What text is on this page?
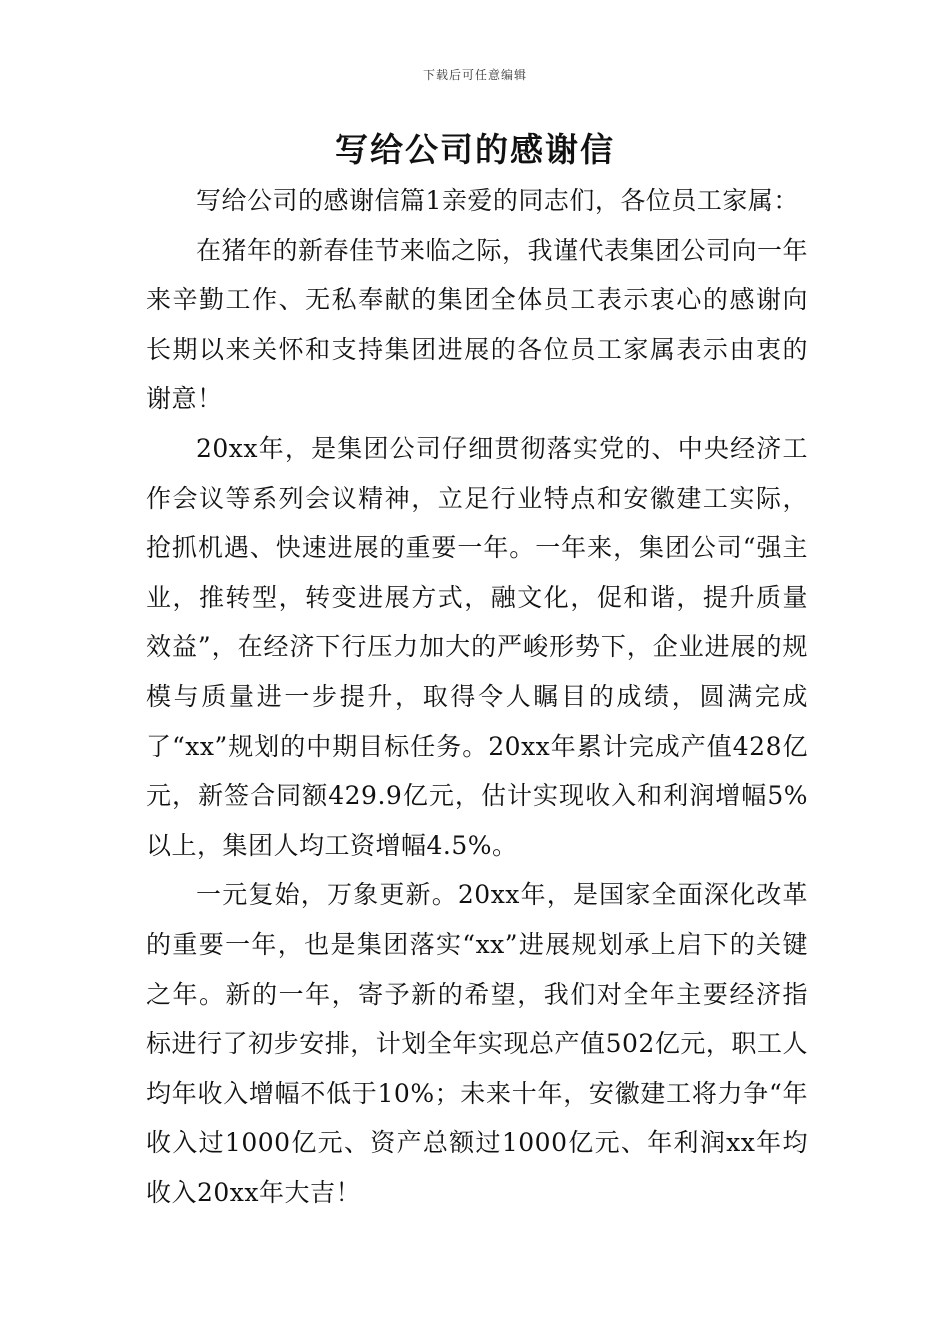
下载后可任意编辑
写给公司的感谢信

写给公司的感谢信篇1亲爱的同志们，各位员工家属：

在猪年的新春佳节来临之际，我谨代表集团公司向一年来辛勤工作、无私奉献的集团全体员工表示衷心的感谢向长期以来关怀和支持集团进展的各位员工家属表示由衷的谢意！

20xx年，是集团公司仔细贯彻落实党的、中央经济工作会议等系列会议精神，立足行业特点和安徽建工实际，抢抓机遇、快速进展的重要一年。一年来，集团公司“强主业，推转型，转变进展方式，融文化，促和谐，提升质量效益”，在经济下行压力加大的严峻形势下，企业进展的规模与质量进一步提升，取得令人瞩目的成绩，圆满完成了“xx”规划的中期目标任务。20xx年累计完成产值428亿元，新签合同额429.9亿元，估计实现收入和利润增幅5%以上，集团人均工资增幅4.5%。

一元复始，万象更新。20xx年，是国家全面深化改革的重要一年，也是集团落实“xx”进展规划承上启下的关键之年。新的一年，寄予新的希望，我们对全年主要经济指标进行了初步安排，计划全年实现总产值502亿元，职工人均年收入增幅不低于10%；未来十年，安徽建工将力争“年收入过1000亿元、资产总额过1000亿元、年利润xx年均收入20xx年大吉！
